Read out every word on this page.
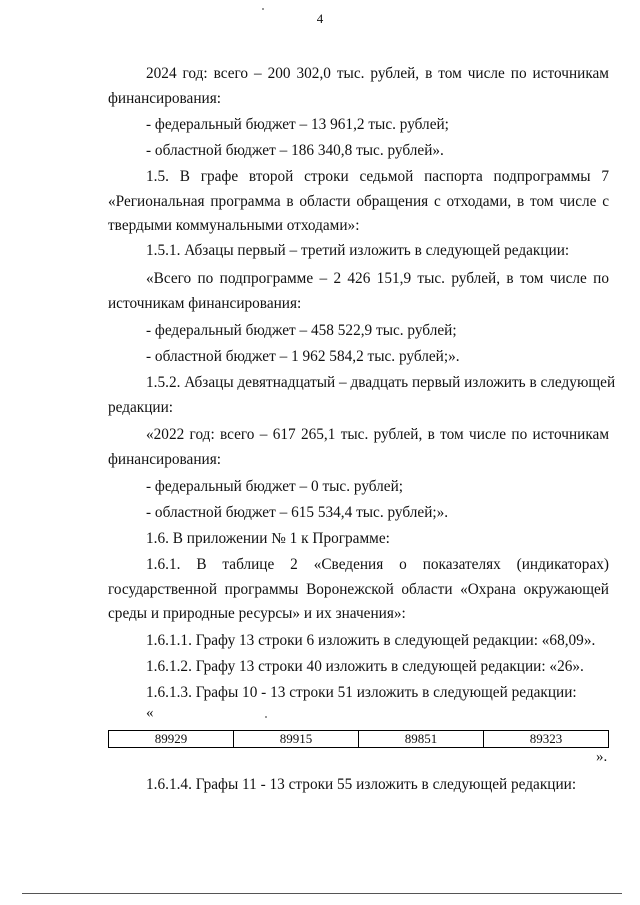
4
2024 год: всего – 200 302,0 тыс. рублей, в том числе по источникам
финансирования:
- федеральный бюджет – 13 961,2 тыс. рублей;
- областной бюджет – 186 340,8 тыс. рублей».
1.5. В графе второй строки седьмой паспорта подпрограммы 7
«Региональная программа в области обращения с отходами, в том числе с
твердыми коммунальными отходами»:
1.5.1. Абзацы первый – третий изложить в следующей редакции:
«Всего по подпрограмме – 2 426 151,9 тыс. рублей, в том числе по
источникам финансирования:
- федеральный бюджет – 458 522,9 тыс. рублей;
- областной бюджет – 1 962 584,2 тыс. рублей;».
1.5.2. Абзацы девятнадцатый – двадцать первый изложить в следующей
редакции:
«2022 год: всего – 617 265,1 тыс. рублей, в том числе по источникам
финансирования:
- федеральный бюджет – 0 тыс. рублей;
- областной бюджет – 615 534,4 тыс. рублей;».
1.6. В приложении № 1 к Программе:
1.6.1. В таблице 2 «Сведения о показателях (индикаторах)
государственной программы Воронежской области «Охрана окружающей
среды и природные ресурсы» и их значения»:
1.6.1.1. Графу 13 строки 6 изложить в следующей редакции: «68,09».
1.6.1.2. Графу 13 строки 40 изложить в следующей редакции: «26».
1.6.1.3. Графы 10 - 13 строки 51 изложить в следующей редакции:
1.6.1.4. Графы 11 - 13 строки 55 изложить в следующей редакции:
«
89929	89915	89851	89323
».
